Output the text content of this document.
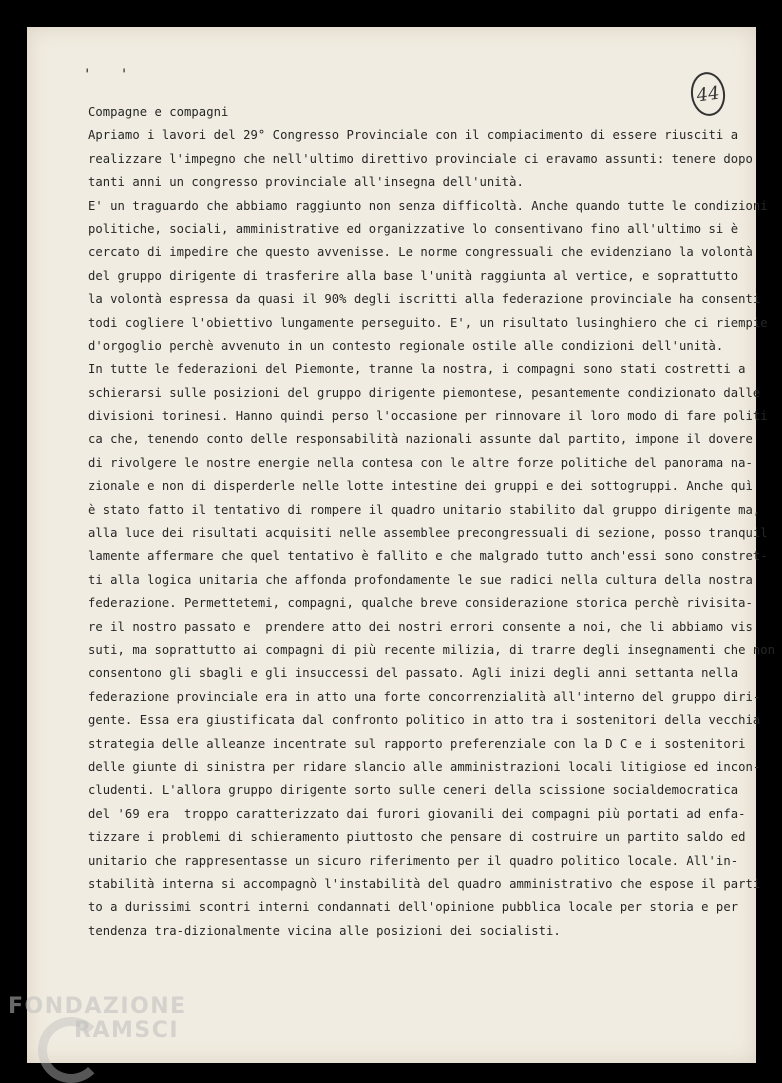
' '
44
Compagne e compagni
Apriamo i lavori del 29° Congresso Provinciale con il compiacimento di essere riusciti a
realizzare l'impegno che nell'ultimo direttivo provinciale ci eravamo assunti: tenere dopo
tanti anni un congresso provinciale all'insegna dell'unità.
E' un traguardo che abbiamo raggiunto non senza difficoltà. Anche quando tutte le condizioni
politiche, sociali, amministrative ed organizzative lo consentivano fino all'ultimo si è
cercato di impedire che questo avvenisse. Le norme congressuali che evidenziano la volontà
del gruppo dirigente di trasferire alla base l'unità raggiunta al vertice, e soprattutto
la volontà espressa da quasi il 90% degli iscritti alla federazione provinciale ha consenti
todi cogliere l'obiettivo lungamente perseguito. E', un risultato lusinghiero che ci riempie
d'orgoglio perchè avvenuto in un contesto regionale ostile alle condizioni dell'unità.
In tutte le federazioni del Piemonte, tranne la nostra, i compagni sono stati costretti a
schierarsi sulle posizioni del gruppo dirigente piemontese, pesantemente condizionato dalle
divisioni torinesi. Hanno quindi perso l'occasione per rinnovare il loro modo di fare politi
ca che, tenendo conto delle responsabilità nazionali assunte dal partito, impone il dovere
di rivolgere le nostre energie nella contesa con le altre forze politiche del panorama na-
zionale e non di disperderle nelle lotte intestine dei gruppi e dei sottogruppi. Anche quì
è stato fatto il tentativo di rompere il quadro unitario stabilito dal gruppo dirigente ma,
alla luce dei risultati acquisiti nelle assemblee precongressuali di sezione, posso tranquil
lamente affermare che quel tentativo è fallito e che malgrado tutto anch'essi sono constret-
ti alla logica unitaria che affonda profondamente le sue radici nella cultura della nostra
federazione. Permettetemi, compagni, qualche breve considerazione storica perchè rivisita-
re il nostro passato e  prendere atto dei nostri errori consente a noi, che li abbiamo vis
suti, ma soprattutto ai compagni di più recente milizia, di trarre degli insegnamenti che non
consentono gli sbagli e gli insuccessi del passato. Agli inizi degli anni settanta nella
federazione provinciale era in atto una forte concorrenzialità all'interno del gruppo diri-
gente. Essa era giustificata dal confronto politico in atto tra i sostenitori della vecchia
strategia delle alleanze incentrate sul rapporto preferenziale con la D C e i sostenitori
delle giunte di sinistra per ridare slancio alle amministrazioni locali litigiose ed incon-
cludenti. L'allora gruppo dirigente sorto sulle ceneri della scissione socialdemocratica
del '69 era  troppo caratterizzato dai furori giovanili dei compagni più portati ad enfa-
tizzare i problemi di schieramento piuttosto che pensare di costruire un partito saldo ed
unitario che rappresentasse un sicuro riferimento per il quadro politico locale. All'in-
stabilità interna si accompagnò l'instabilità del quadro amministrativo che espose il parti
to a durissimi scontri interni condannati dell'opinione pubblica locale per storia e per
tendenza tra-dizionalmente vicina alle posizioni dei socialisti.
FONDAZIONE
RAMSCI
